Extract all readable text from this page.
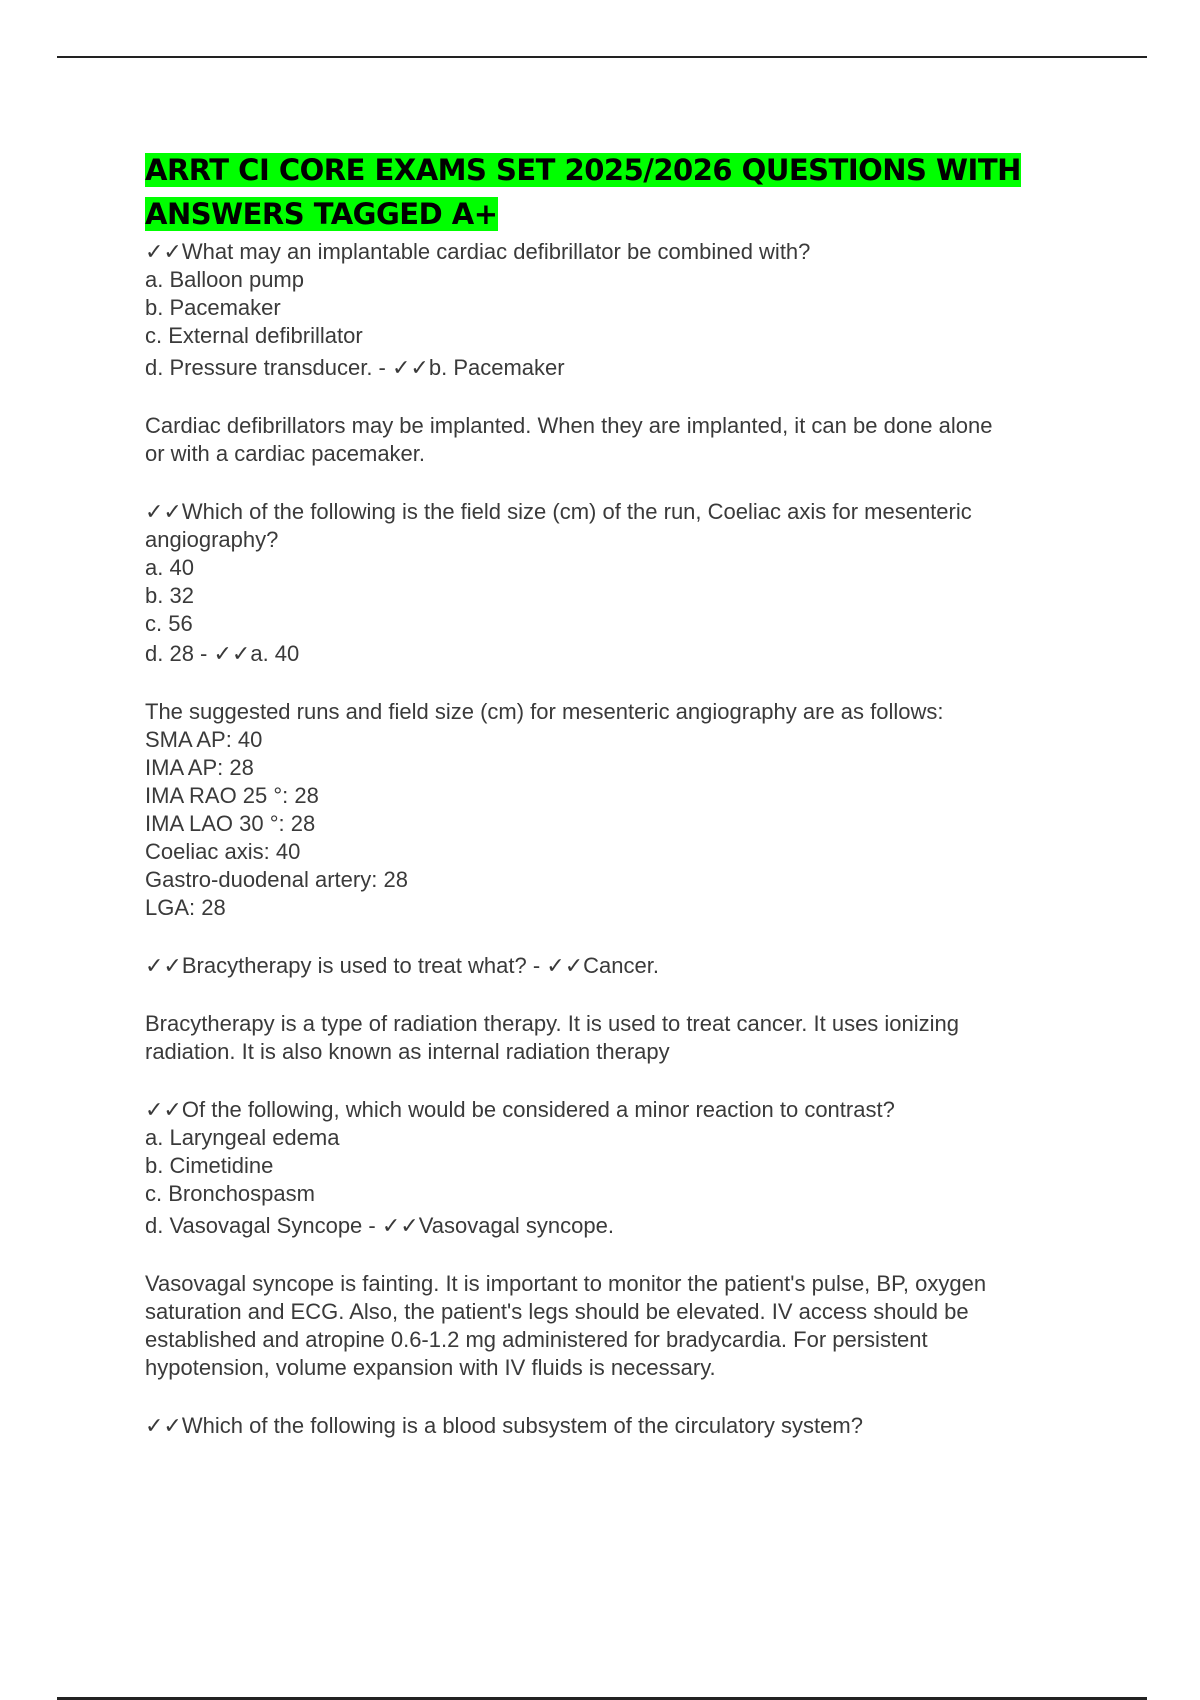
ARRT CI CORE EXAMS SET 2025/2026 QUESTIONS WITH ANSWERS TAGGED A+

✓✓What may an implantable cardiac defibrillator be combined with?

a. Balloon pump

b. Pacemaker

c. External defibrillator

d. Pressure transducer. - ✓✓b. Pacemaker

Cardiac defibrillators may be implanted. When they are implanted, it can be done alone

or with a cardiac pacemaker.

✓✓Which of the following is the field size (cm) of the run, Coeliac axis for mesenteric

angiography?

a. 40

b. 32

c. 56

d. 28 - ✓✓a. 40

The suggested runs and field size (cm) for mesenteric angiography are as follows:

SMA AP: 40

IMA AP: 28

IMA RAO 25 °: 28

IMA LAO 30 °: 28

Coeliac axis: 40

Gastro-duodenal artery: 28

LGA: 28

✓✓Bracytherapy is used to treat what? - ✓✓Cancer.

Bracytherapy is a type of radiation therapy. It is used to treat cancer. It uses ionizing

radiation. It is also known as internal radiation therapy

✓✓Of the following, which would be considered a minor reaction to contrast?

a. Laryngeal edema

b. Cimetidine

c. Bronchospasm

d. Vasovagal Syncope - ✓✓Vasovagal syncope.

Vasovagal syncope is fainting. It is important to monitor the patient's pulse, BP, oxygen

saturation and ECG. Also, the patient's legs should be elevated. IV access should be

established and atropine 0.6-1.2 mg administered for bradycardia. For persistent

hypotension, volume expansion with IV fluids is necessary.

✓✓Which of the following is a blood subsystem of the circulatory system?
